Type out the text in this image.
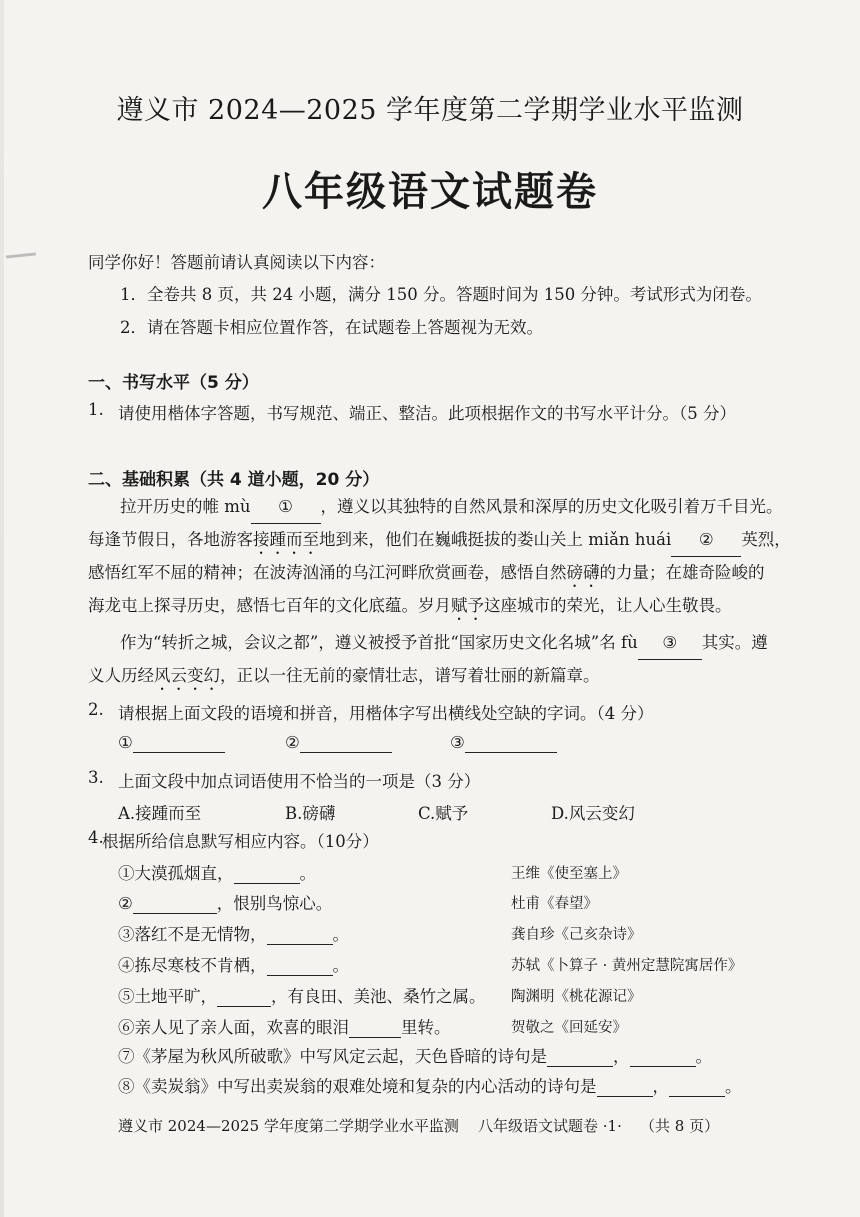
遵义市 2024—2025 学年度第二学期学业水平监测
八年级语文试题卷
同学你好！答题前请认真阅读以下内容：
1．全卷共 8 页，共 24 小题，满分 150 分。答题时间为 150 分钟。考试形式为闭卷。
2．请在答题卡相应位置作答，在试题卷上答题视为无效。
一、书写水平（5 分）
1. 请使用楷体字答题，书写规范、端正、整洁。此项根据作文的书写水平计分。（5 分）
二、基础积累（共 4 道小题，20 分）
拉开历史的帷 mù ① ，遵义以其独特的自然风景和深厚的历史文化吸引着万千目光。
每逢节假日，各地游客接踵而至地到来，他们在巍峨挺拔的娄山关上 miǎn huái ② 英烈，
感悟红军不屈的精神；在波涛汹涌的乌江河畔欣赏画卷，感悟自然磅礴的力量；在雄奇险峻的
海龙屯上探寻历史，感悟七百年的文化底蕴。岁月赋予这座城市的荣光，让人心生敬畏。
作为“转折之城，会议之都”，遵义被授予首批“国家历史文化名城”名 fù ③ 其实。遵
义人历经风云变幻，正以一往无前的豪情壮志，谱写着壮丽的新篇章。
2. 请根据上面文段的语境和拼音，用楷体字写出横线处空缺的字词。（4 分）
①	②	③
3. 上面文段中加点词语使用不恰当的一项是（3 分）
A.接踵而至	B.磅礴	C.赋予	D.风云变幻
4.
根据所给信息默写相应内容。（10分）
①大漠孤烟直，	。	王维《使至塞上》
②	，恨别鸟惊心。	杜甫《春望》
③落红不是无情物，	。	龚自珍《己亥杂诗》
④拣尽寒枝不肯栖，	。	苏轼《卜算子 · 黄州定慧院寓居作》
⑤土地平旷，	，有良田、美池、桑竹之属。 陶渊明《桃花源记》
⑥亲人见了亲人面，欢喜的眼泪	里转。	贺敬之《回延安》
⑦《茅屋为秋风所破歌》中写风定云起，天色昏暗的诗句是	，	。
⑧《卖炭翁》中写出卖炭翁的艰难处境和复杂的内心活动的诗句是	，	。
遵义市 2024—2025 学年度第二学期学业水平监测 八年级语文试题卷 ·1· （共 8 页）
